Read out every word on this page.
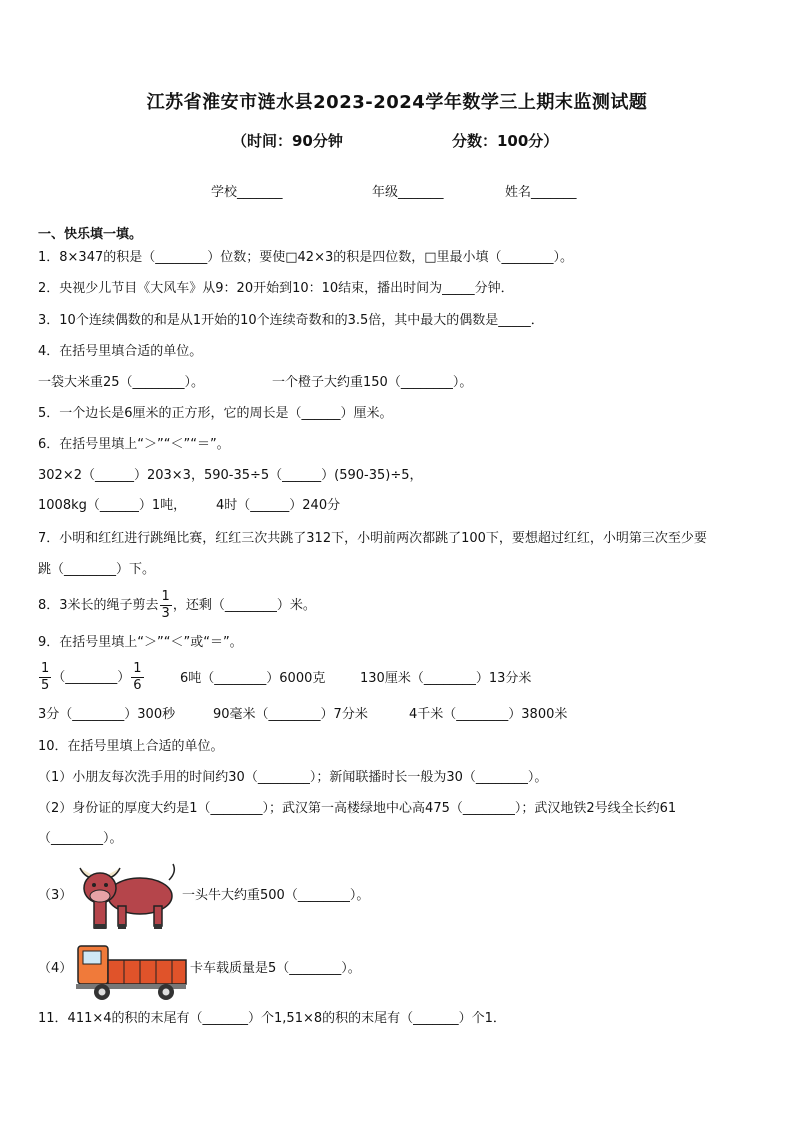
江苏省淮安市涟水县2023-2024学年数学三上期末监测试题
（时间：90分钟	分数：100分）
学校_______	年级_______	姓名_______
一、快乐填一填。
1．8×347的积是（________）位数；要使□42×3的积是四位数，□里最小填（________）。
2．央视少儿节目《大风车》从9：20开始到10：10结束，播出时间为_____分钟．
3．10个连续偶数的和是从1开始的10个连续奇数和的3.5倍，其中最大的偶数是_____．
4．在括号里填合适的单位。
一袋大米重25（________）。	一个橙子大约重150（________）。
5．一个边长是6厘米的正方形，它的周长是（______）厘米。
6．在括号里填上“＞”“＜”“＝”。
302×2（______）203×3，590-35÷5（______）(590-35)÷5，
1008kg（______）1吨， 4时（______）240分
7．小明和红红进行跳绳比赛，红红三次共跳了312下，小明前两次都跳了100下，要想超过红红，小明第三次至少要
跳（________）下。
8．3米长的绳子剪去 $\frac{1}{3}$ ，还剩（________）米。
9．在括号里填上“＞”“＜”或“＝”。
$\frac{1}{5}$ （________） $\frac{1}{6}$	6吨（________）6000克	130厘米（________）13分米
3分（________）300秒	90毫米（________）7分米	4千米（________）3800米
10．在括号里填上合适的单位。
（1）小朋友每次洗手用的时间约30（________）；新闻联播时长一般为30（________）。
（2）身份证的厚度大约是1（________）；武汉第一高楼绿地中心高475（________）；武汉地铁2号线全长约61
（________）。
（3）	一头牛大约重500（________）。
（4）	卡车载质量是5（________）。
11．411×4的积的末尾有（_______）个1,51×8的积的末尾有（_______）个1．
